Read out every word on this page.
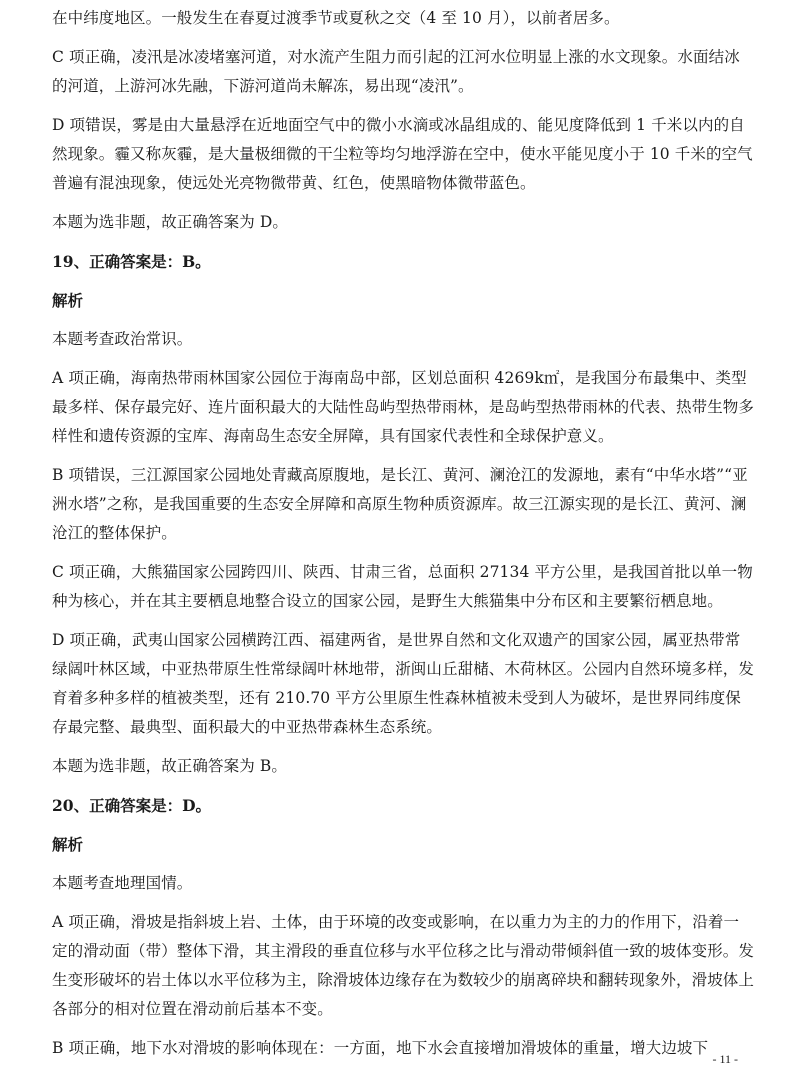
在中纬度地区。一般发生在春夏过渡季节或夏秋之交（4 至 10 月），以前者居多。

C 项正确，凌汛是冰凌堵塞河道，对水流产生阻力而引起的江河水位明显上涨的水文现象。水面结冰的河道，上游河冰先融，下游河道尚未解冻，易出现“凌汛”。

D 项错误，雾是由大量悬浮在近地面空气中的微小水滴或冰晶组成的、能见度降低到 1 千米以内的自然现象。霾又称灰霾，是大量极细微的干尘粒等均匀地浮游在空中，使水平能见度小于 10 千米的空气普遍有混浊现象，使远处光亮物微带黄、红色，使黑暗物体微带蓝色。

本题为选非题，故正确答案为 D。

19、正确答案是：B。

解析

本题考查政治常识。

A 项正确，海南热带雨林国家公园位于海南岛中部，区划总面积 4269k㎡，是我国分布最集中、类型最多样、保存最完好、连片面积最大的大陆性岛屿型热带雨林，是岛屿型热带雨林的代表、热带生物多样性和遗传资源的宝库、海南岛生态安全屏障，具有国家代表性和全球保护意义。

B 项错误，三江源国家公园地处青藏高原腹地，是长江、黄河、澜沧江的发源地，素有“中华水塔”“亚洲水塔”之称，是我国重要的生态安全屏障和高原生物种质资源库。故三江源实现的是长江、黄河、澜沧江的整体保护。

C 项正确，大熊猫国家公园跨四川、陕西、甘肃三省，总面积 27134 平方公里，是我国首批以单一物种为核心，并在其主要栖息地整合设立的国家公园，是野生大熊猫集中分布区和主要繁衍栖息地。

D 项正确，武夷山国家公园横跨江西、福建两省，是世界自然和文化双遗产的国家公园，属亚热带常绿阔叶林区域，中亚热带原生性常绿阔叶林地带，浙闽山丘甜槠、木荷林区。公园内自然环境多样，发育着多种多样的植被类型，还有 210.70 平方公里原生性森林植被未受到人为破坏，是世界同纬度保存最完整、最典型、面积最大的中亚热带森林生态系统。

本题为选非题，故正确答案为 B。

20、正确答案是：D。

解析

本题考查地理国情。

A 项正确，滑坡是指斜坡上岩、土体，由于环境的改变或影响，在以重力为主的力的作用下，沿着一定的滑动面（带）整体下滑，其主滑段的垂直位移与水平位移之比与滑动带倾斜值一致的坡体变形。发生变形破坏的岩土体以水平位移为主，除滑坡体边缘存在为数较少的崩离碎块和翻转现象外，滑坡体上各部分的相对位置在滑动前后基本不变。

B 项正确，地下水对滑坡的影响体现在：一方面，地下水会直接增加滑坡体的重量，增大边坡下

- 11 -
